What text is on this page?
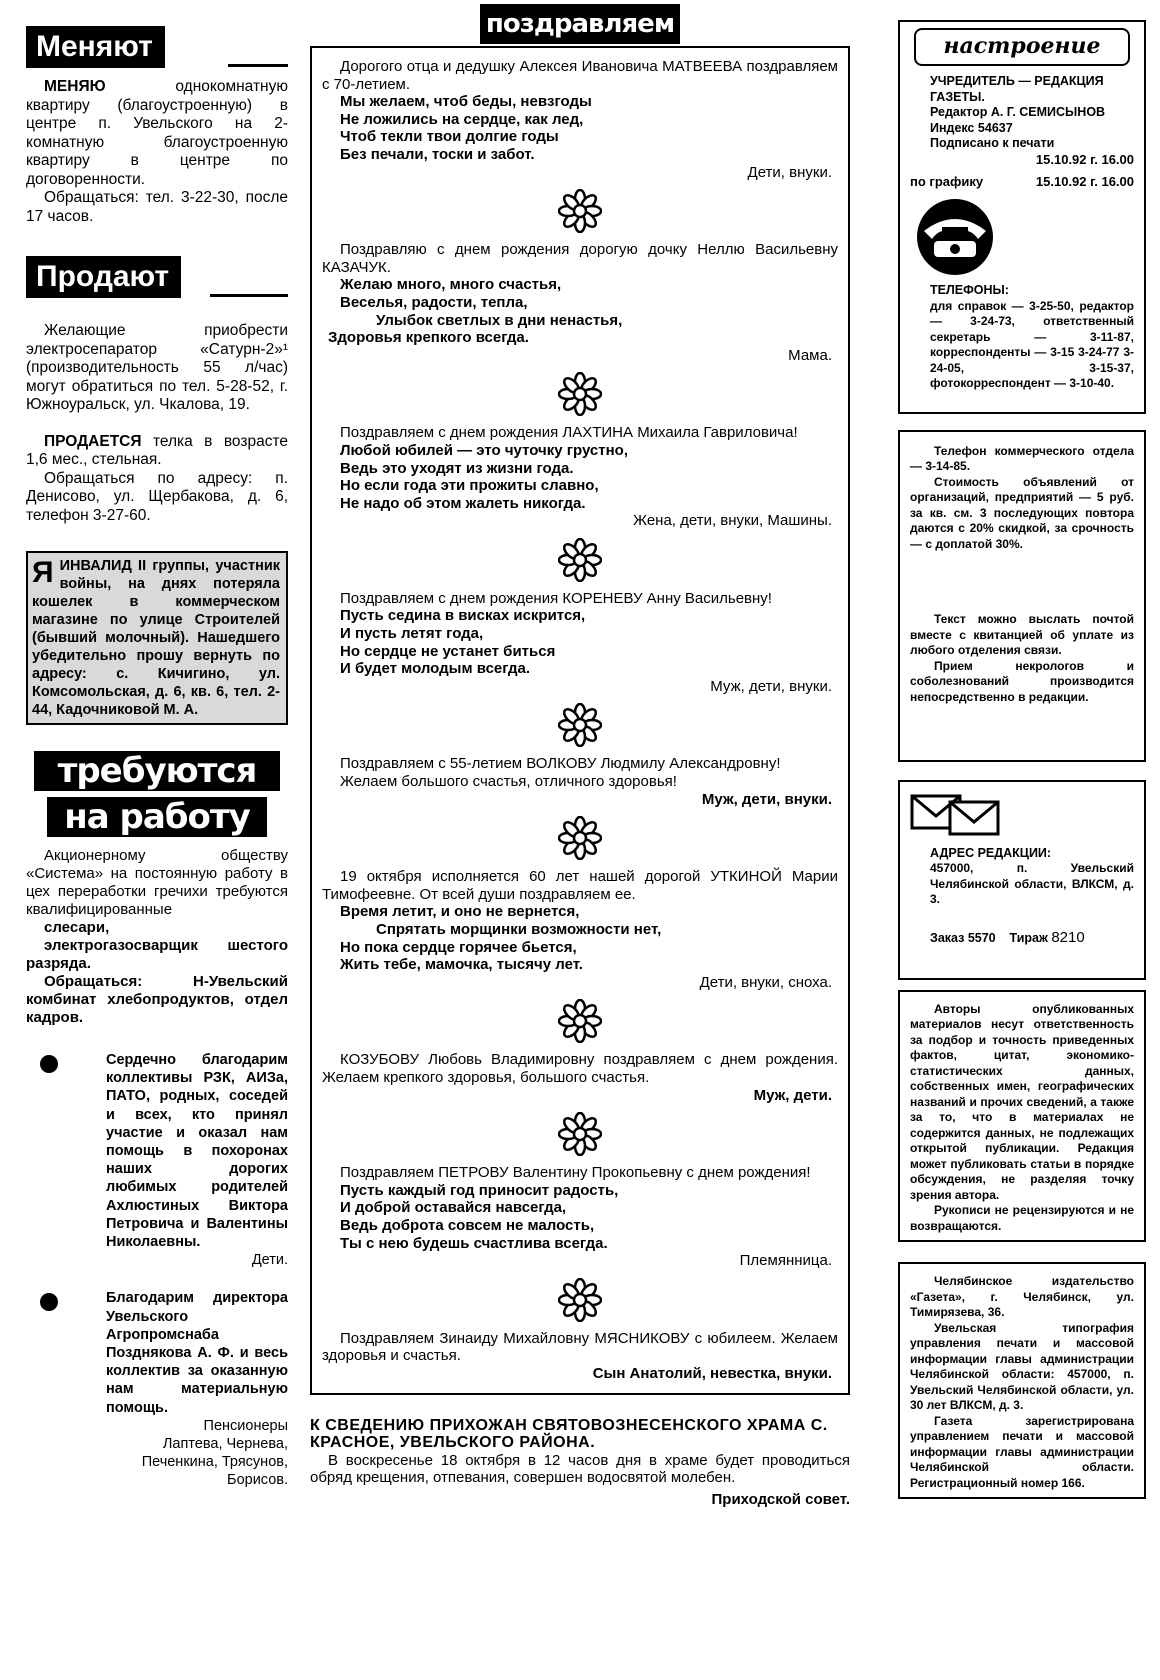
Меняют

МЕНЯЮ однокомнатную квартиру (благоустроенную) в центре п. Увельского на 2-комнатную благоустроенную квартиру в центре по договоренности.

Обращаться: тел. 3-22-30, после 17 часов.

Продают

Желающие приобрести электросепаратор «Сатурн-2»¹ (производительность 55 л/час) могут обратиться по тел. 5-28-52, г. Южноуральск, ул. Чкалова, 19.

ПРОДАЕТСЯ телка в возрасте 1,6 мес., стельная.

Обращаться по адресу: п. Денисово, ул. Щербакова, д. 6, телефон 3-27-60.

ЯИНВАЛИД II группы, участник войны, на днях потеряла кошелек в коммерческом магазине по улице Строителей (бывший молочный). Нашедшего убедительно прошу вернуть по адресу: с. Кичигино, ул. Комсомольская, д. 6, кв. 6, тел. 2-44, Кадочниковой М. А.
требуются
на работу

Акционерному обществу «Система» на постоянную работу в цех переработки гречихи требуются квалифицированные

слесари,

электрогазосварщик шестого разряда.

Обращаться: Н-Увельский комбинат хлебопродуктов, отдел кадров.

Сердечно благодарим коллективы РЗК, АИЗа, ПАТО, родных, соседей и всех, кто принял участие и оказал нам помощь в похоронах наших дорогих любимых родителей Ахлюстиных Виктора Петровича и Валентины Николаевны.

Дети.

Благодарим директора Увельского Агропромснаба Позднякова А. Ф. и весь коллектив за оказанную нам материальную помощь.

Пенсионеры

Лаптева, Чернева, Печенкина, Трясунов, Борисов.

поздравляем

Дорогого отца и дедушку Алексея Ивановича МАТВЕЕВА поздравляем с 70-летием.

Мы желаем, чтоб беды, невзгоды

Не ложились на сердце, как лед,

Чтоб текли твои долгие годы

Без печали, тоски и забот.

Дети, внуки.

Поздравляю с днем рождения дорогую дочку Неллю Васильевну КАЗАЧУК.

Желаю много, много счастья,

Веселья, радости, тепла,

Улыбок светлых в дни ненастья,

Здоровья крепкого всегда.

Мама.

Поздравляем с днем рождения ЛАХТИНА Михаила Гавриловича!

Любой юбилей — это чуточку грустно,

Ведь это уходят из жизни года.

Но если года эти прожиты славно,

Не надо об этом жалеть никогда.

Жена, дети, внуки, Машины.

Поздравляем с днем рождения КОРЕНЕВУ Анну Васильевну!

Пусть седина в висках искрится,

И пусть летят года,

Но сердце не устанет биться

И будет молодым всегда.

Муж, дети, внуки.

Поздравляем с 55-летием ВОЛКОВУ Людмилу Александровну!

Желаем большого счастья, отличного здоровья!

Муж, дети, внуки.

19 октября исполняется 60 лет нашей дорогой УТКИНОЙ Марии Тимофеевне. От всей души поздравляем ее.

Время летит, и оно не вернется,

Спрятать морщинки возможности нет,

Но пока сердце горячее бьется,

Жить тебе, мамочка, тысячу лет.

Дети, внуки, сноха.

КОЗУБОВУ Любовь Владимировну поздравляем с днем рождения. Желаем крепкого здоровья, большого счастья.

Муж, дети.

Поздравляем ПЕТРОВУ Валентину Прокопьевну с днем рождения!

Пусть каждый год приносит радость,

И доброй оставайся навсегда,

Ведь доброта совсем не малость,

Ты с нею будешь счастлива всегда.

Племянница.

Поздравляем Зинаиду Михайловну МЯСНИКОВУ с юбилеем. Желаем здоровья и счастья.

Сын Анатолий, невестка, внуки.

К СВЕДЕНИЮ ПРИХОЖАН СВЯТОВОЗНЕСЕНСКОГО ХРАМА С. КРАСНОЕ, УВЕЛЬСКОГО РАЙОНА.

В воскресенье 18 октября в 12 часов дня в храме будет проводиться обряд крещения, отпевания, совершен водосвятой молебен.

Приходской совет.

настроение

УЧРЕДИТЕЛЬ — РЕДАКЦИЯ ГАЗЕТЫ.

Редактор А. Г. СЕМИСЫНОВ

Индекс 54637

Подписано к печати

15.10.92 г. 16.00

по графику	15.10.92 г. 16.00

ТЕЛЕФОНЫ:

для справок — 3-25-50, редактор — 3-24-73, ответственный секретарь — 3-11-87, корреспонденты — 3-15 3-24-77 3-24-05, 3-15-37, фотокорреспондент — 3-10-40.

Телефон коммерческого отдела — 3-14-85.

Стоимость объявлений от организаций, предприятий — 5 руб. за кв. см. 3 последующих повтора даются с 20% скидкой, за срочность — с доплатой 30%.

Текст можно выслать почтой вместе с квитанцией об уплате из любого отделения связи.

Прием некрологов и соболезнований производится непосредственно в редакции.

АДРЕС РЕДАКЦИИ:

457000, п. Увельский Челябинской области, ВЛКСМ, д. 3.

Заказ 5570 Тираж 8210

Авторы опубликованных материалов несут ответственность за подбор и точность приведенных фактов, цитат, экономико-статистических данных, собственных имен, географических названий и прочих сведений, а также за то, что в материалах не содержится данных, не подлежащих открытой публикации. Редакция может публиковать статьи в порядке обсуждения, не разделяя точку зрения автора.

Рукописи не рецензируются и не возвращаются.

Челябинское издательство «Газета», г. Челябинск, ул. Тимирязева, 36.

Увельская типография управления печати и массовой информации главы администрации Челябинской области: 457000, п. Увельский Челябинской области, ул. 30 лет ВЛКСМ, д. 3.

Газета зарегистрирована управлением печати и массовой информации главы администрации Челябинской области. Регистрационный номер 166.
